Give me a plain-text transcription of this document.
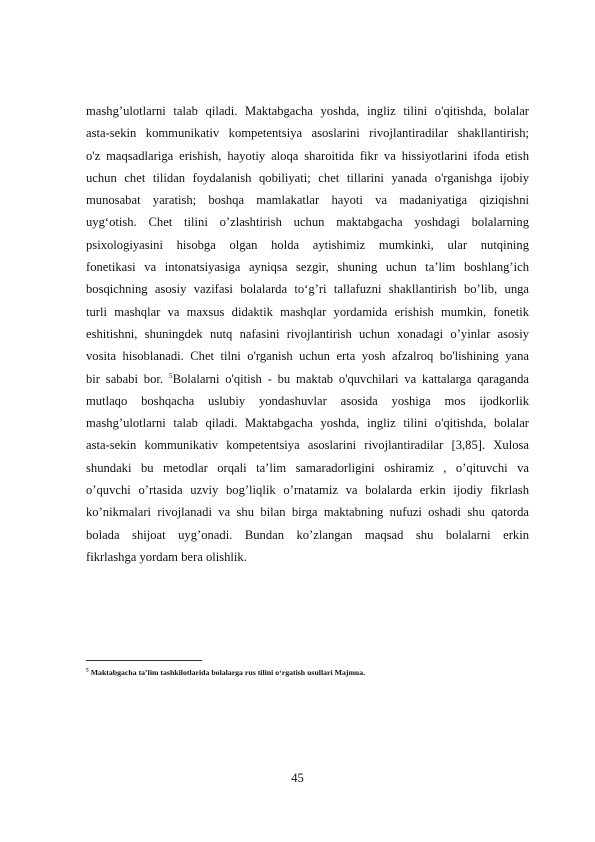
mashg’ulotlarni talab qiladi. Maktabgacha yoshda, ingliz tilini o'qitishda, bolalar
asta-sekin kommunikativ kompetentsiya asoslarini rivojlantiradilar shakllantirish;
o'z maqsadlariga erishish, hayotiy aloqa sharoitida fikr va hissiyotlarini ifoda etish
uchun chet tilidan foydalanish qobiliyati; chet tillarini yanada o'rganishga ijobiy
munosabat yaratish; boshqa mamlakatlar hayoti va madaniyatiga qiziqishni
uyg‘otish. Chet tilini o’zlashtirish uchun maktabgacha yoshdagi bolalarning
psixologiyasini hisobga olgan holda aytishimiz mumkinki, ular nutqining
fonetikasi va intonatsiyasiga ayniqsa sezgir, shuning uchun ta’lim boshlang’ich
bosqichning asosiy vazifasi bolalarda to‘g’ri tallafuzni shakllantirish bo’lib, unga
turli mashqlar va maxsus didaktik mashqlar yordamida erishish mumkin, fonetik
eshitishni, shuningdek nutq nafasini rivojlantirish uchun xonadagi o’yinlar asosiy
vosita hisoblanadi. Chet tilni o'rganish uchun erta yosh afzalroq bo'lishining yana
bir sababi bor. $^5$Bolalarni o'qitish - bu maktab o'quvchilari va kattalarga qaraganda
mutlaqo boshqacha uslubiy yondashuvlar asosida yoshiga mos ijodkorlik
mashg’ulotlarni talab qiladi. Maktabgacha yoshda, ingliz tilini o'qitishda, bolalar
asta-sekin kommunikativ kompetentsiya asoslarini rivojlantiradilar [3,85]. Xulosa
shundaki bu metodlar orqali ta’lim samaradorligini oshiramiz , o’qituvchi va
o’quvchi o’rtasida uzviy bog’liqlik o’rnatamiz va bolalarda erkin ijodiy fikrlash
ko’nikmalari rivojlanadi va shu bilan birga maktabning nufuzi oshadi shu qatorda
bolada shijoat uyg’onadi. Bundan ko’zlangan maqsad shu bolalarni erkin
fikrlashga yordam bera olishlik.
$^5$ Maktabgacha ta’lim tashkilotlarida bolalarga rus tilini o‘rgatish usullari Majmua.
45
